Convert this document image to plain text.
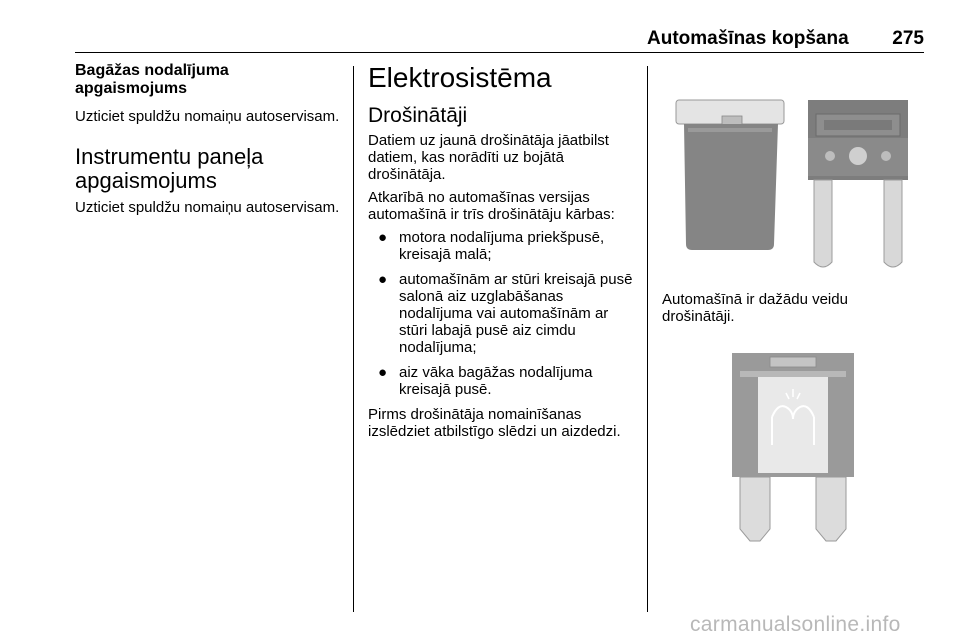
Automašīnas kopšana 275
Bagāžas nodalījuma apgaismojums

Uzticiet spuldžu nomaiņu autoservisam.

Instrumentu paneļa apgaismojums

Uzticiet spuldžu nomaiņu autoservisam.

Elektrosistēma
Drošinātāji

Datiem uz jaunā drošinātāja jāatbilst datiem, kas norādīti uz bojātā drošinātāja.

Atkarībā no automašīnas versijas automašīnā ir trīs drošinātāju kārbas:

● motora nodalījuma priekšpusē, kreisajā malā;
● automašīnām ar stūri kreisajā pusē salonā aiz uzglabāšanas nodalījuma vai automašīnām ar stūri labajā pusē aiz cimdu nodalījuma;
● aiz vāka bagāžas nodalījuma kreisajā pusē.

Pirms drošinātāja nomainīšanas izslēdziet atbilstīgo slēdzi un aizdedzi.

Automašīnā ir dažādu veidu drošinātāji.
carmanualsonline.info
